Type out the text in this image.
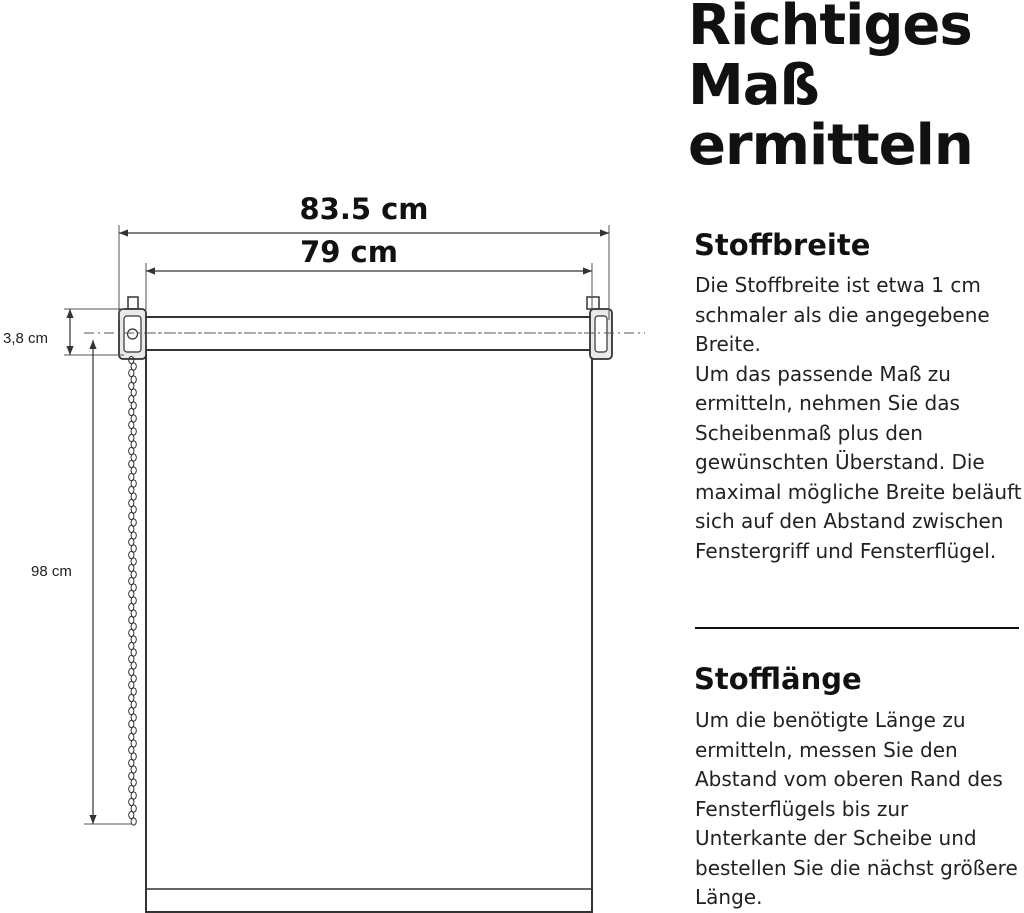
83.5 cm
79 cm
3,8 cm
98 cm
Richtiges
Maß
ermitteln
Stoffbreite
Die Stoffbreite ist etwa 1 cm schmaler als die angegebene Breite.
Um das passende Maß zu ermitteln, nehmen Sie das Scheibenmaß plus den gewünschten Überstand. Die maximal mögliche Breite beläuft sich auf den Abstand zwischen Fenstergriff und Fensterflügel.
Stofflänge
Um die benötigte Länge zu ermitteln, messen Sie den Abstand vom oberen Rand des Fensterflügels bis zur Unterkante der Scheibe und bestellen Sie die nächst größere Länge.
